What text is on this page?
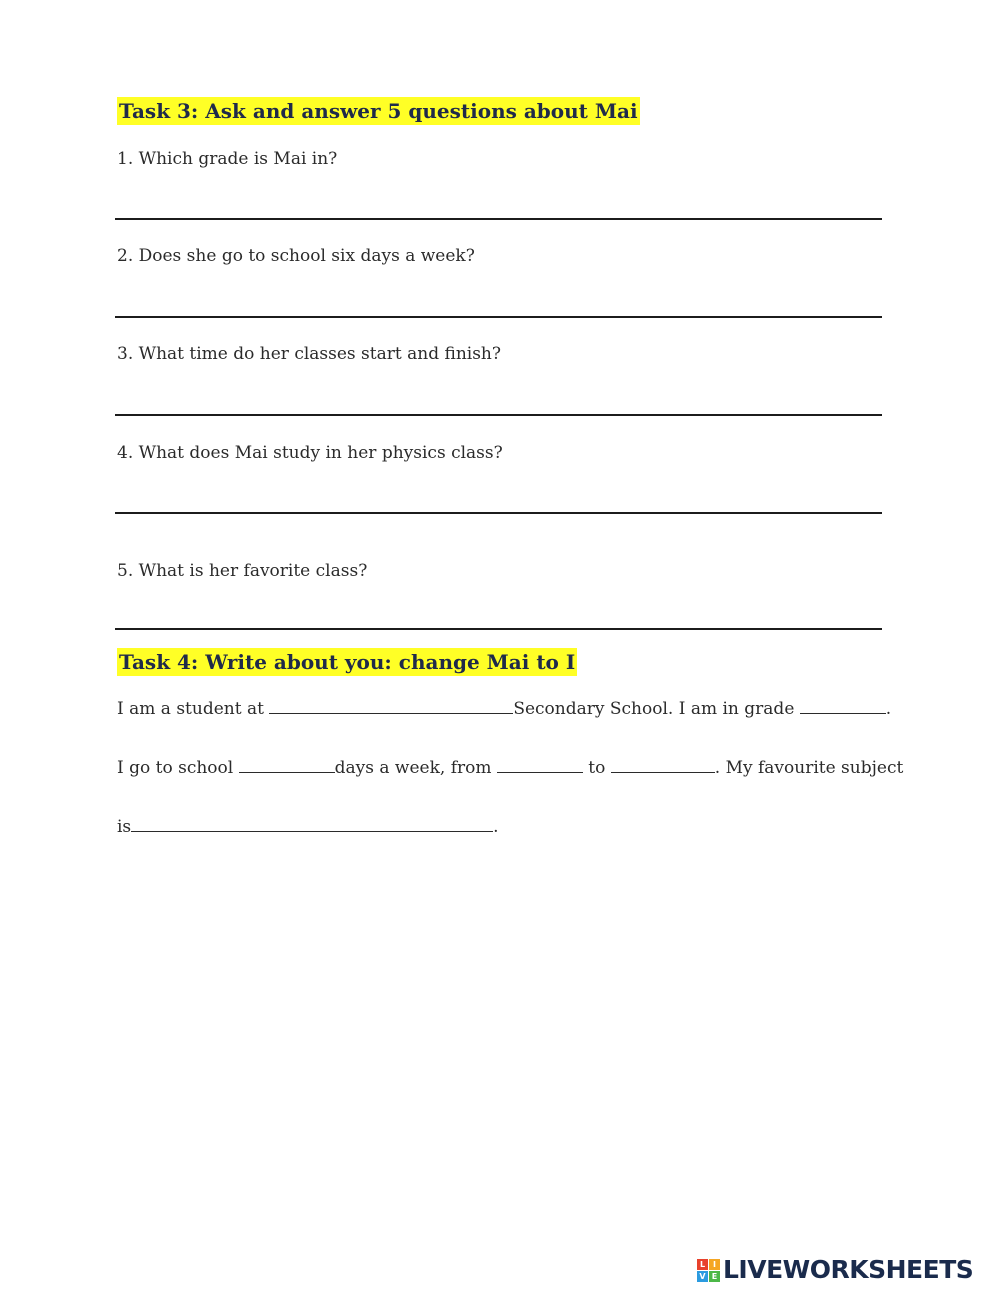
Task 3: Ask and answer 5 questions about Mai
1. Which grade is Mai in?
2. Does she go to school six days a week?
3. What time do her classes start and finish?
4. What does Mai study in her physics class?
5. What is her favorite class?
Task 4: Write about you: change Mai to I
I am a student at	Secondary School. I am in grade	.
I go to school	days a week, from	to	. My favourite subject
is	.
L I
V E LIVEWORKSHEETS
